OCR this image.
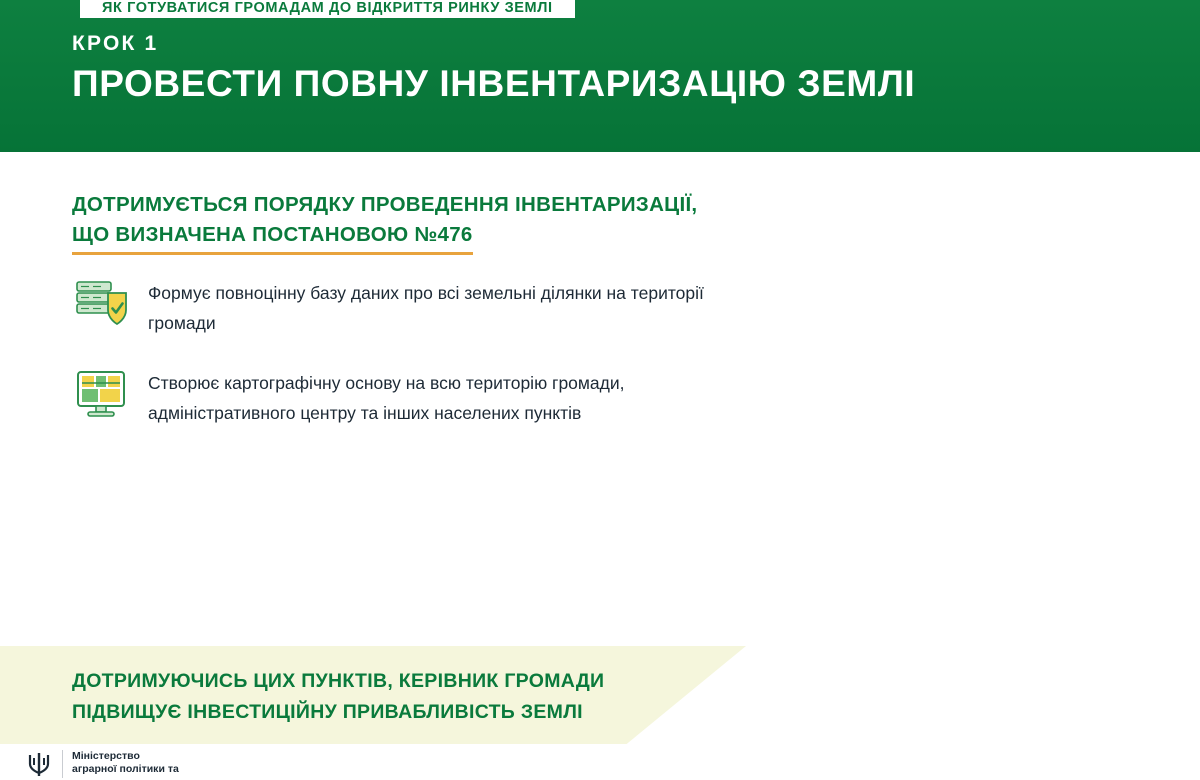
ЯК ГОТУВАТИСЯ ГРОМАДАМ ДО ВІДКРИТТЯ РИНКУ ЗЕМЛІ
КРОК 1
ПРОВЕСТИ ПОВНУ ІНВЕНТАРИЗАЦІЮ ЗЕМЛІ
ДОТРИМУЄТЬСЯ ПОРЯДКУ ПРОВЕДЕННЯ ІНВЕНТАРИЗАЦІЇ,
ЩО ВИЗНАЧЕНА ПОСТАНОВОЮ №476
Формує повноцінну базу даних про всі земельні ділянки на території громади
Створює картографічну основу на всю територію громади, адміністративного центру та інших населених пунктів
ДОТРИМУЮЧИСЬ ЦИХ ПУНКТІВ, КЕРІВНИК ГРОМАДИ
ПІДВИЩУЄ ІНВЕСТИЦІЙНУ ПРИВАБЛИВІСТЬ ЗЕМЛІ
Міністерство
аграрної політики та
